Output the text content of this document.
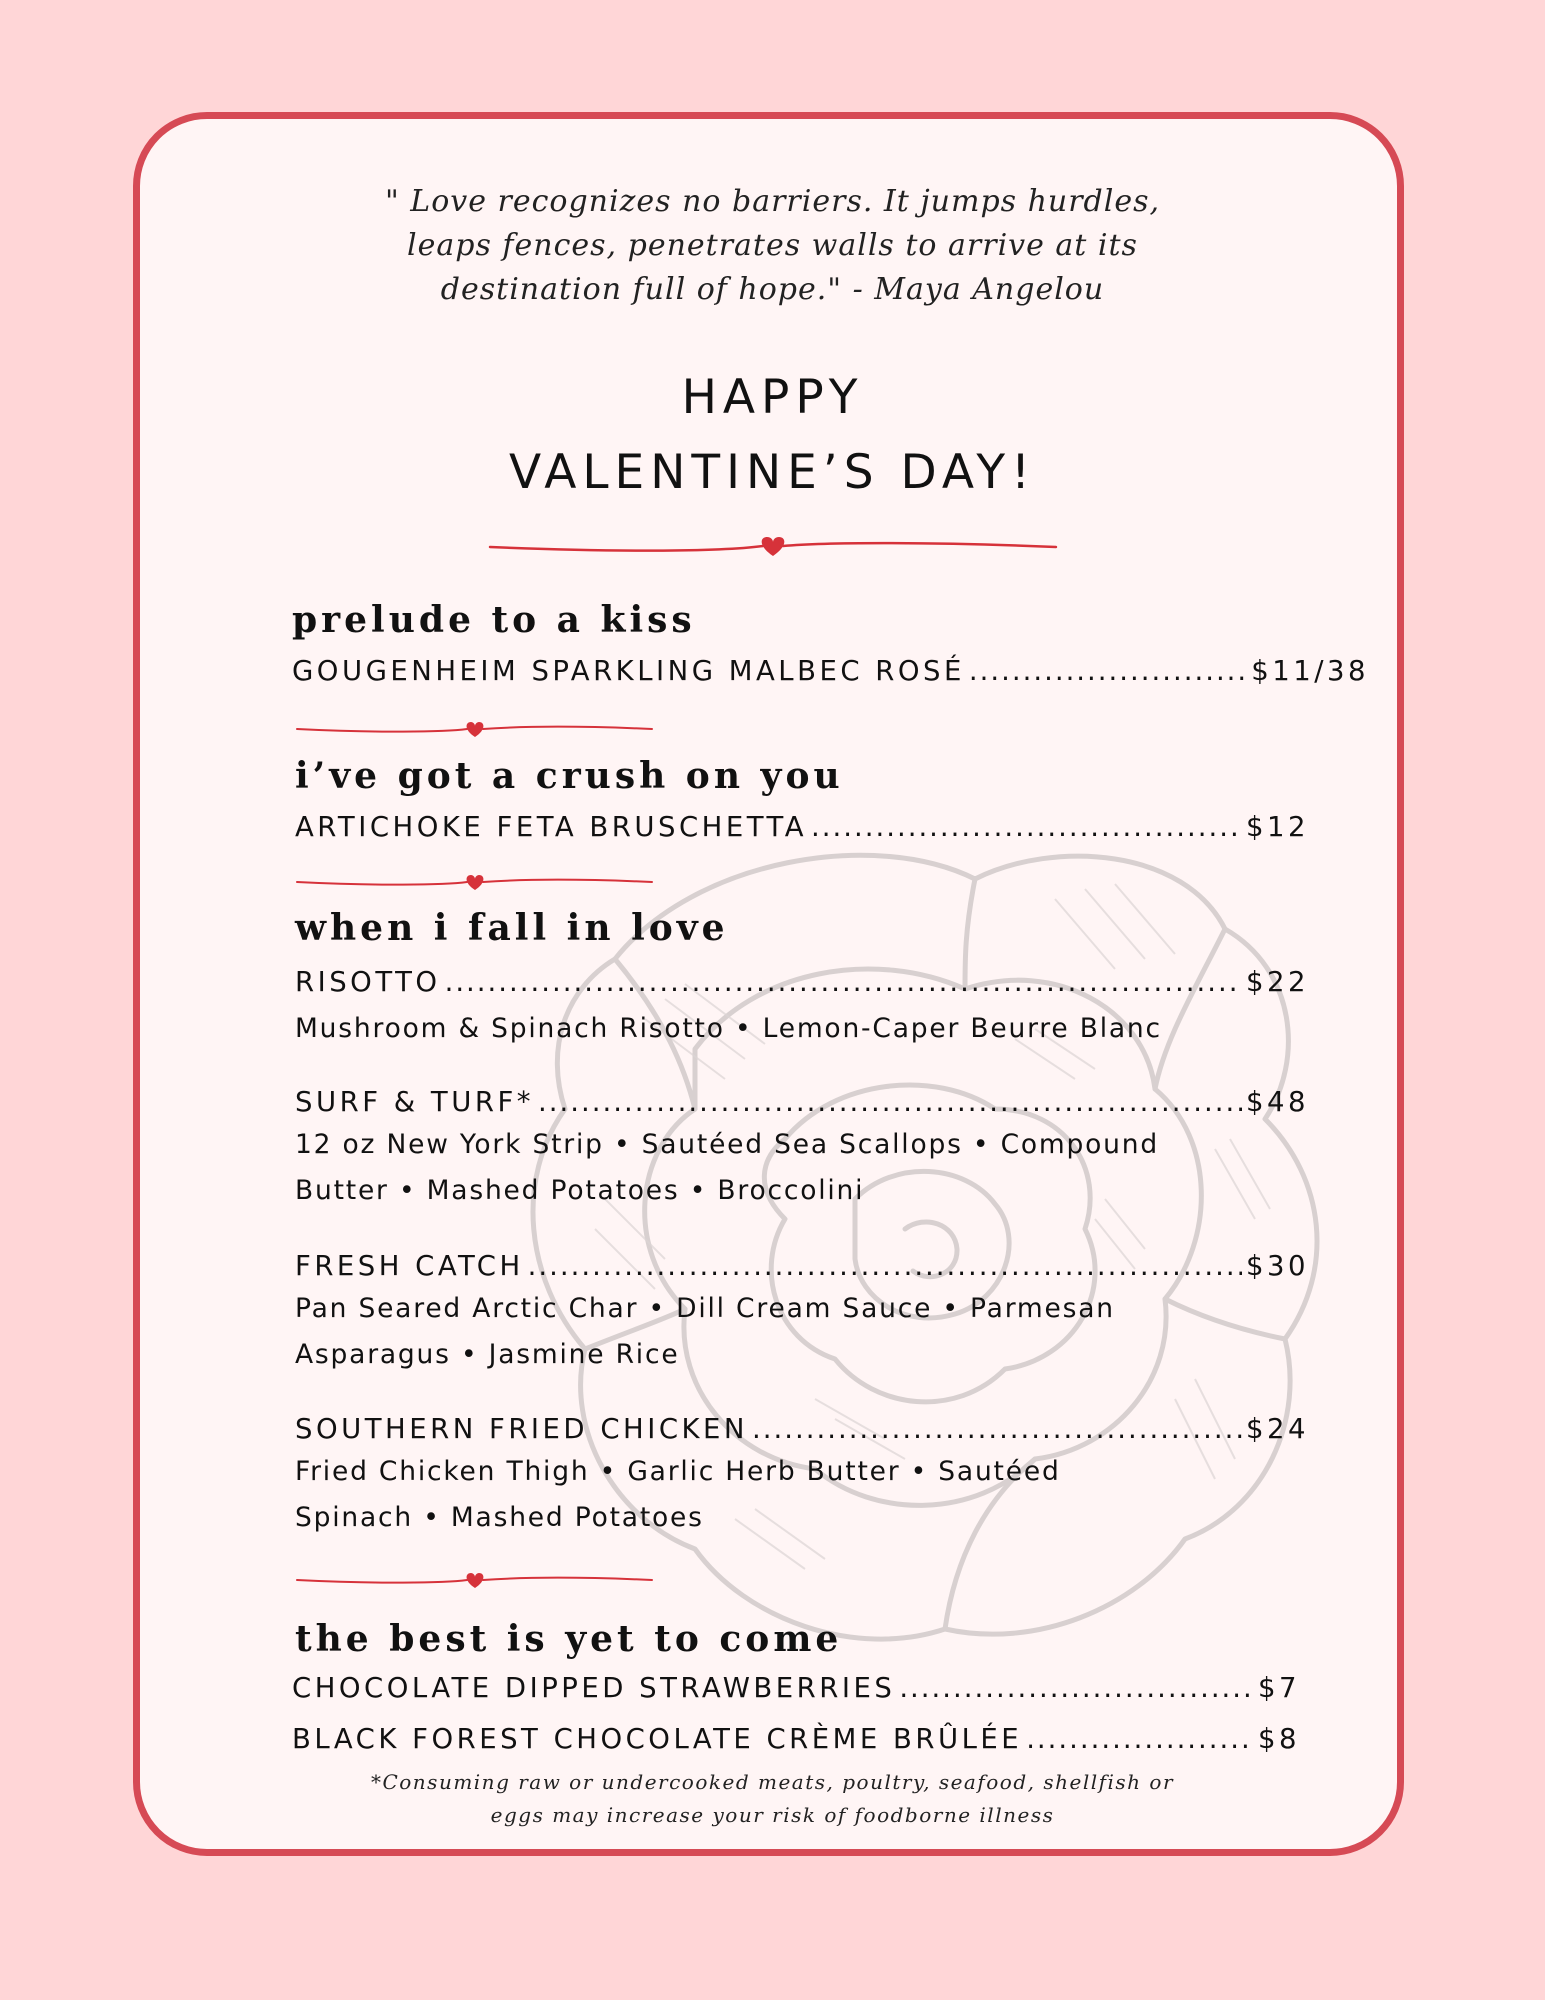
" Love recognizes no barriers. It jumps hurdles,
leaps fences, penetrates walls to arrive at its
destination full of hope." - Maya Angelou
HAPPY
VALENTINE’S DAY!
prelude to a kiss
GOUGENHEIM SPARKLING MALBEC ROSÉ .....	$11/38
i’ve got a crush on you
ARTICHOKE FETA BRUSCHETTA .....	$12
when i fall in love
RISOTTO .....	$22
Mushroom & Spinach Risotto • Lemon-Caper Beurre Blanc
SURF & TURF* .....	$48
12 oz New York Strip • Sautéed Sea Scallops • Compound
Butter • Mashed Potatoes • Broccolini
FRESH CATCH .....	$30
Pan Seared Arctic Char • Dill Cream Sauce • Parmesan
Asparagus • Jasmine Rice
SOUTHERN FRIED CHICKEN .....	$24
Fried Chicken Thigh • Garlic Herb Butter • Sautéed
Spinach • Mashed Potatoes
the best is yet to come
CHOCOLATE DIPPED STRAWBERRIES .....	$7
BLACK FOREST CHOCOLATE CRÈME BRÛLÉE .....	$8
*Consuming raw or undercooked meats, poultry, seafood, shellfish or
eggs may increase your risk of foodborne illness
